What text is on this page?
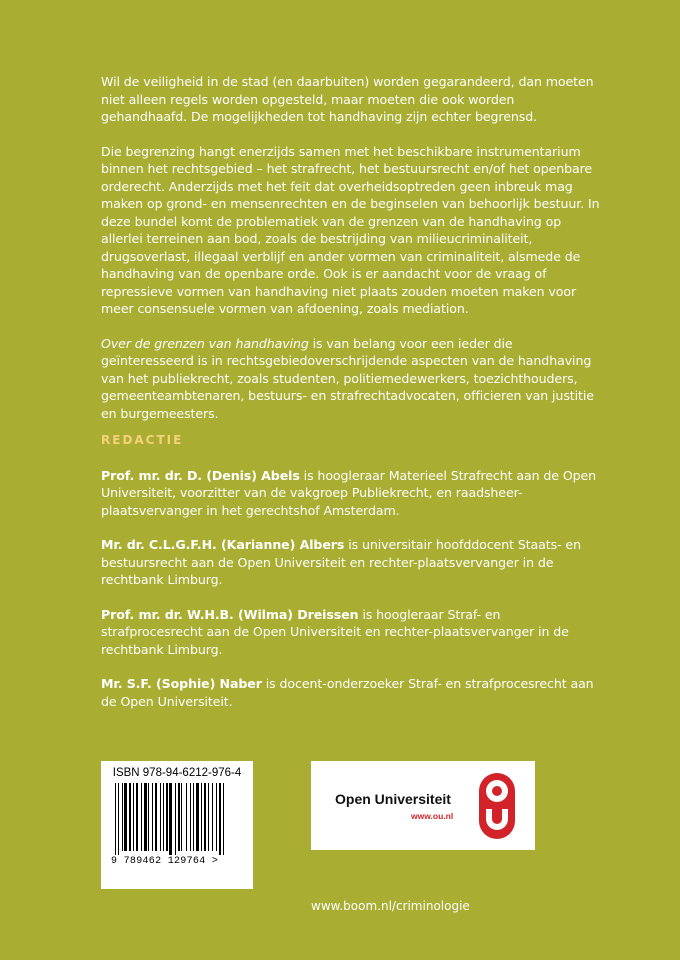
Wil de veiligheid in de stad (en daarbuiten) worden gegarandeerd, dan moeten niet alleen regels worden opgesteld, maar moeten die ook worden gehandhaafd. De mogelijkheden tot handhaving zijn echter begrensd.

Die begrenzing hangt enerzijds samen met het beschikbare instrumentarium binnen het rechtsgebied – het strafrecht, het bestuursrecht en/of het openbare orderecht. Anderzijds met het feit dat overheidsoptreden geen inbreuk mag maken op grond- en mensenrechten en de beginselen van behoorlijk bestuur. In deze bundel komt de problematiek van de grenzen van de handhaving op allerlei terreinen aan bod, zoals de bestrijding van milieucriminaliteit, drugsoverlast, illegaal verblijf en ander vormen van criminaliteit, alsmede de handhaving van de openbare orde. Ook is er aandacht voor de vraag of repressieve vormen van handhaving niet plaats zouden moeten maken voor meer consensuele vormen van afdoening, zoals mediation.

Over de grenzen van handhaving is van belang voor een ieder die geïnteresseerd is in rechtsgebiedoverschrijdende aspecten van de handhaving van het publiekrecht, zoals studenten, politiemedewerkers, toezichthouders, gemeenteambtenaren, bestuurs- en strafrechtadvocaten, officieren van justitie en burgemeesters.

REDACTIE

Prof. mr. dr. D. (Denis) Abels is hoogleraar Materieel Strafrecht aan de Open Universiteit, voorzitter van de vakgroep Publiekrecht, en raadsheer-plaatsvervanger in het gerechtshof Amsterdam.

Mr. dr. C.L.G.F.H. (Karianne) Albers is universitair hoofddocent Staats- en bestuursrecht aan de Open Universiteit en rechter-plaatsvervanger in de rechtbank Limburg.

Prof. mr. dr. W.H.B. (Wilma) Dreissen is hoogleraar Straf- en strafprocesrecht aan de Open Universiteit en rechter-plaatsvervanger in de rechtbank Limburg.

Mr. S.F. (Sophie) Naber is docent-onderzoeker Straf- en strafprocesrecht aan de Open Universiteit.

ISBN 978-94-6212-976-4
9 789462 129764 >
Open Universiteit
www.ou.nl
www.boom.nl/criminologie
